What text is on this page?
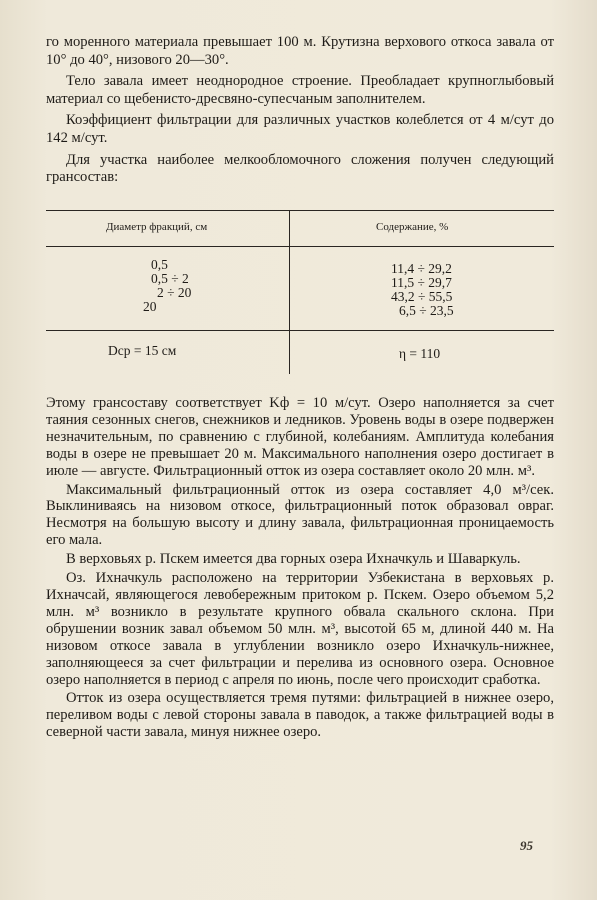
го моренного материала превышает 100 м. Крутизна верхового откоса завала от 10° до 40°, низового 20—30°.

Тело завала имеет неоднородное строение. Преобладает крупноглыбовый материал со щебенисто-дресвяно-супесчаным заполнителем.

Коэффициент фильтрации для различных участков колеблется от 4 м/сут до 142 м/сут.

Для участка наиболее мелкообломочного сложения получен следующий грансостав:

Диаметр фракций, см	Содержание, %
0,5
0,5 ÷ 2
2 ÷ 20
20
11,4 ÷ 29,2
11,5 ÷ 29,7
43,2 ÷ 55,5
6,5 ÷ 23,5
Dср = 15 см	η = 110

Этому грансоставу соответствует Kф = 10 м/сут. Озеро наполняется за счет таяния сезонных снегов, снежников и ледников. Уровень воды в озере подвержен незначительным, по сравнению с глубиной, колебаниям. Амплитуда колебания воды в озере не превышает 20 м. Максимального наполнения озеро достигает в июле — августе. Фильтрационный отток из озера составляет около 20 млн. м³.

Максимальный фильтрационный отток из озера составляет 4,0 м³/сек. Выклиниваясь на низовом откосе, фильтрационный поток образовал овраг. Несмотря на большую высоту и длину завала, фильтрационная проницаемость его мала.

В верховьях р. Пскем имеется два горных озера Ихначкуль и Шаваркуль.

Оз. Ихначкуль расположено на территории Узбекистана в верховьях р. Ихначсай, являющегося левобережным притоком р. Пскем. Озеро объемом 5,2 млн. м³ возникло в результате крупного обвала скального склона. При обрушении возник завал объемом 50 млн. м³, высотой 65 м, длиной 440 м. На низовом откосе завала в углублении возникло озеро Ихначкуль-нижнее, заполняющееся за счет фильтрации и перелива из основного озера. Основное озеро наполняется в период с апреля по июнь, после чего происходит сработка.

Отток из озера осуществляется тремя путями: фильтрацией в нижнее озеро, переливом воды с левой стороны завала в паводок, а также фильтрацией воды в северной части завала, минуя нижнее озеро.

95
